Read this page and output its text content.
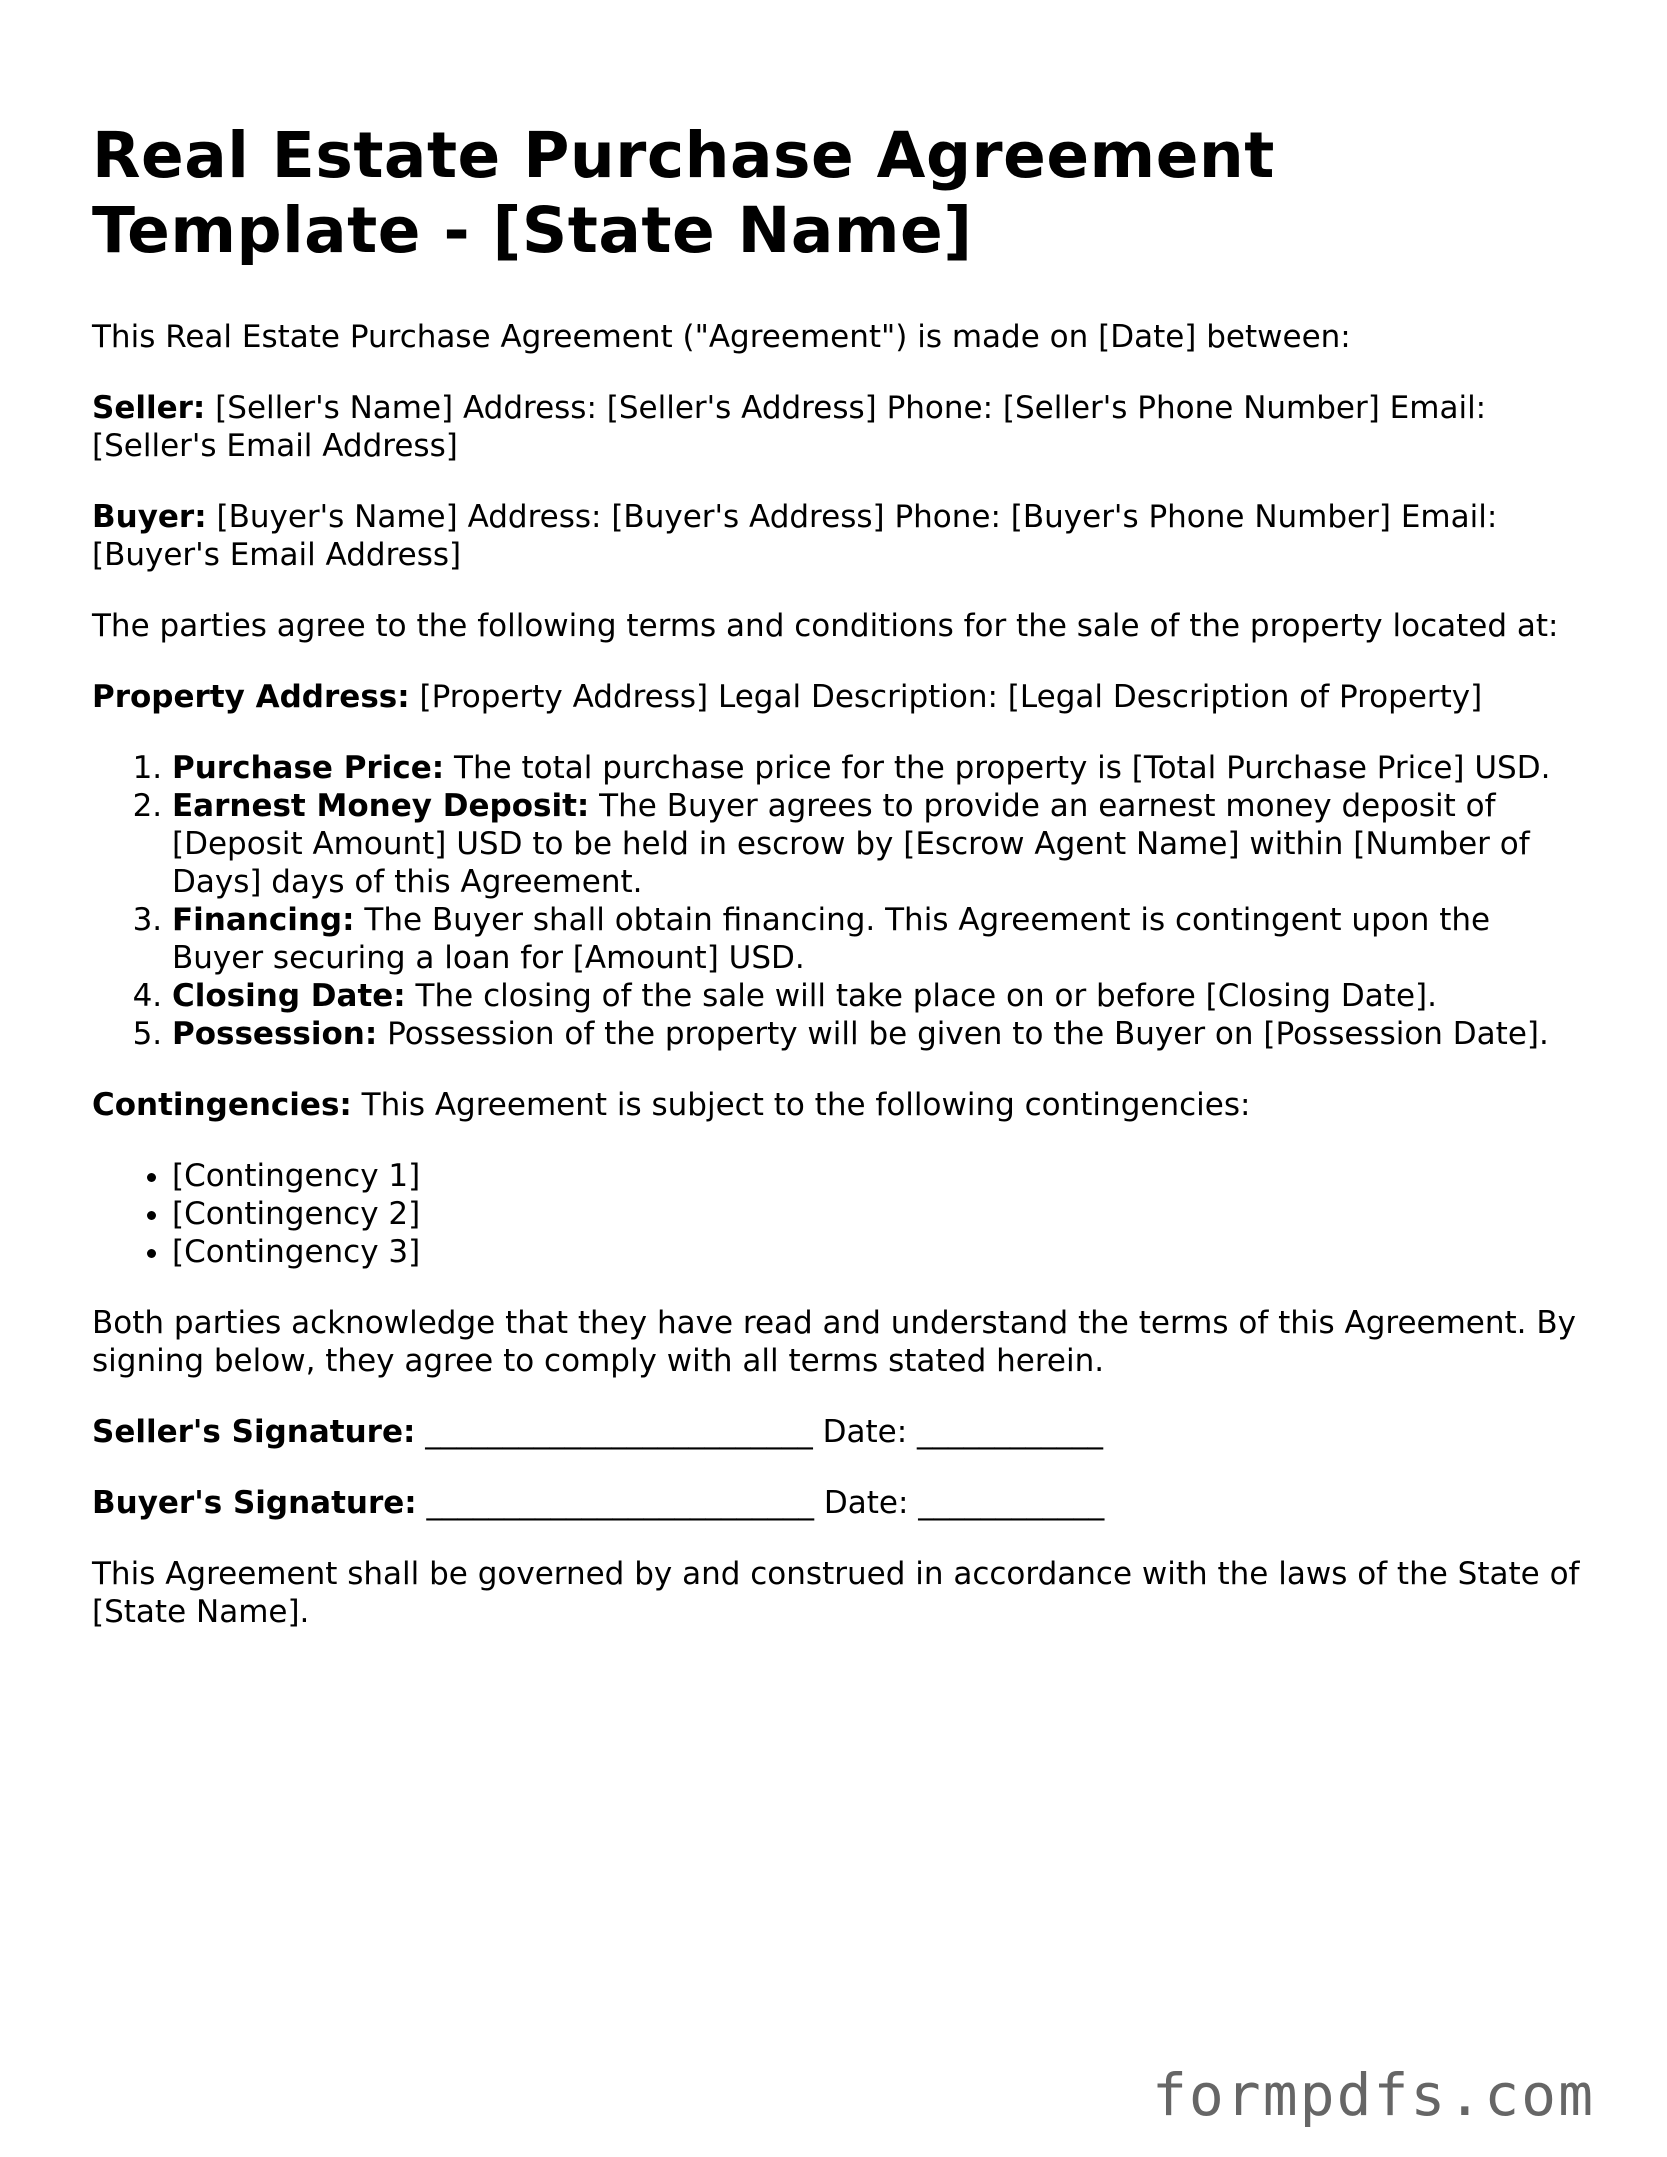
Real Estate Purchase Agreement Template - [State Name]

This Real Estate Purchase Agreement ("Agreement") is made on [Date] between:

Seller: [Seller's Name] Address: [Seller's Address] Phone: [Seller's Phone Number] Email: [Seller's Email Address]

Buyer: [Buyer's Name] Address: [Buyer's Address] Phone: [Buyer's Phone Number] Email: [Buyer's Email Address]

The parties agree to the following terms and conditions for the sale of the property located at:

Property Address: [Property Address] Legal Description: [Legal Description of Property]

1. Purchase Price: The total purchase price for the property is [Total Purchase Price] USD.
2. Earnest Money Deposit: The Buyer agrees to provide an earnest money deposit of [Deposit Amount] USD to be held in escrow by [Escrow Agent Name] within [Number of Days] days of this Agreement.
3. Financing: The Buyer shall obtain financing. This Agreement is contingent upon the Buyer securing a loan for [Amount] USD.
4. Closing Date: The closing of the sale will take place on or before [Closing Date].
5. Possession: Possession of the property will be given to the Buyer on [Possession Date].

Contingencies: This Agreement is subject to the following contingencies:

• [Contingency 1]
• [Contingency 2]
• [Contingency 3]

Both parties acknowledge that they have read and understand the terms of this Agreement. By signing below, they agree to comply with all terms stated herein.

Seller's Signature: _________________________ Date: ____________

Buyer's Signature: _________________________ Date: ____________

This Agreement shall be governed by and construed in accordance with the laws of the State of [State Name].

formpdfs.com
